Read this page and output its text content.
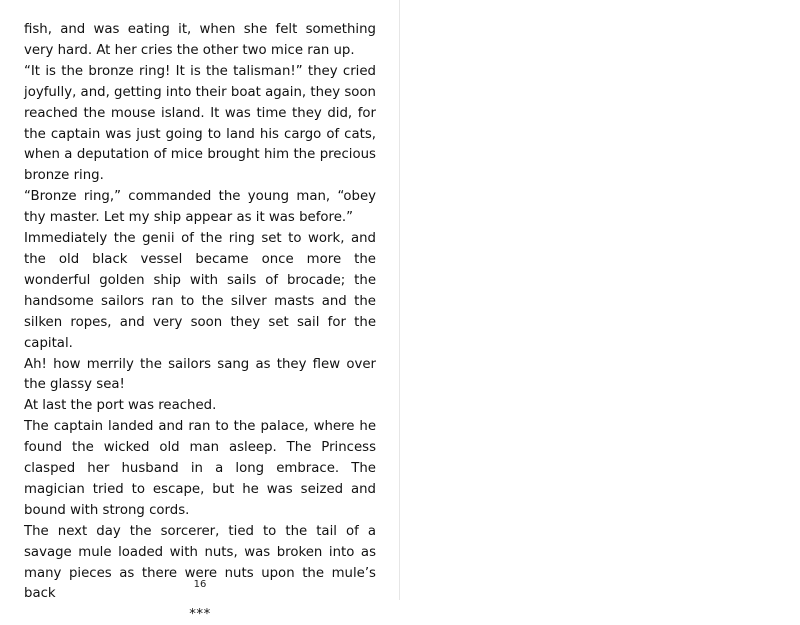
fish, and was eating it, when she felt something very hard. At her cries the other two mice ran up.

“It is the bronze ring! It is the talisman!” they cried joyfully, and, getting into their boat again, they soon reached the mouse island. It was time they did, for the captain was just going to land his cargo of cats, when a deputation of mice brought him the precious bronze ring.

“Bronze ring,” commanded the young man, “obey thy master. Let my ship appear as it was before.”

Immediately the genii of the ring set to work, and the old black vessel became once more the wonderful golden ship with sails of brocade; the handsome sailors ran to the silver masts and the silken ropes, and very soon they set sail for the capital.

Ah! how merrily the sailors sang as they flew over the glassy sea!

At last the port was reached.

The captain landed and ran to the palace, where he found the wicked old man asleep. The Princess clasped her husband in a long embrace. The magician tried to escape, but he was seized and bound with strong cords.

The next day the sorcerer, tied to the tail of a savage mule loaded with nuts, was broken into as many pieces as there were nuts upon the mule’s back

***

16
